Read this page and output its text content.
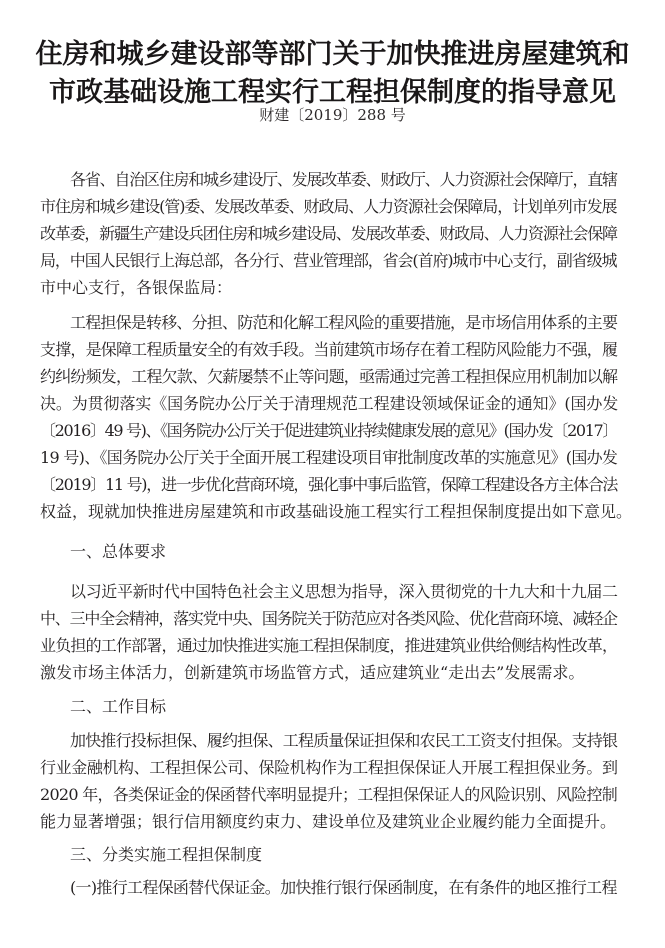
住房和城乡建设部等部门关于加快推进房屋建筑和
市政基础设施工程实行工程担保制度的指导意见
财建〔2019〕288 号
各省、自治区住房和城乡建设厅、发展改革委、财政厅、人力资源社会保障厅，直辖
市住房和城乡建设(管)委、发展改革委、财政局、人力资源社会保障局，计划单列市发展
改革委，新疆生产建设兵团住房和城乡建设局、发展改革委、财政局、人力资源社会保障
局，中国人民银行上海总部，各分行、营业管理部，省会(首府)城市中心支行，副省级城
市中心支行，各银保监局：
工程担保是转移、分担、防范和化解工程风险的重要措施，是市场信用体系的主要
支撑，是保障工程质量安全的有效手段。当前建筑市场存在着工程防风险能力不强，履
约纠纷频发，工程欠款、欠薪屡禁不止等问题，亟需通过完善工程担保应用机制加以解
决。为贯彻落实《国务院办公厅关于清理规范工程建设领域保证金的通知》(国办发
〔2016〕49 号)、《国务院办公厅关于促进建筑业持续健康发展的意见》(国办发〔2017〕
19 号)、《国务院办公厅关于全面开展工程建设项目审批制度改革的实施意见》(国办发
〔2019〕11 号)，进一步优化营商环境，强化事中事后监管，保障工程建设各方主体合法
权益，现就加快推进房屋建筑和市政基础设施工程实行工程担保制度提出如下意见。
一、总体要求
以习近平新时代中国特色社会主义思想为指导，深入贯彻党的十九大和十九届二
中、三中全会精神，落实党中央、国务院关于防范应对各类风险、优化营商环境、减轻企
业负担的工作部署，通过加快推进实施工程担保制度，推进建筑业供给侧结构性改革，
激发市场主体活力，创新建筑市场监管方式，适应建筑业“走出去”发展需求。
二、工作目标
加快推行投标担保、履约担保、工程质量保证担保和农民工工资支付担保。支持银
行业金融机构、工程担保公司、保险机构作为工程担保保证人开展工程担保业务。到
2020 年，各类保证金的保函替代率明显提升；工程担保保证人的风险识别、风险控制
能力显著增强；银行信用额度约束力、建设单位及建筑业企业履约能力全面提升。
三、分类实施工程担保制度
(一)推行工程保函替代保证金。加快推行银行保函制度，在有条件的地区推行工程
